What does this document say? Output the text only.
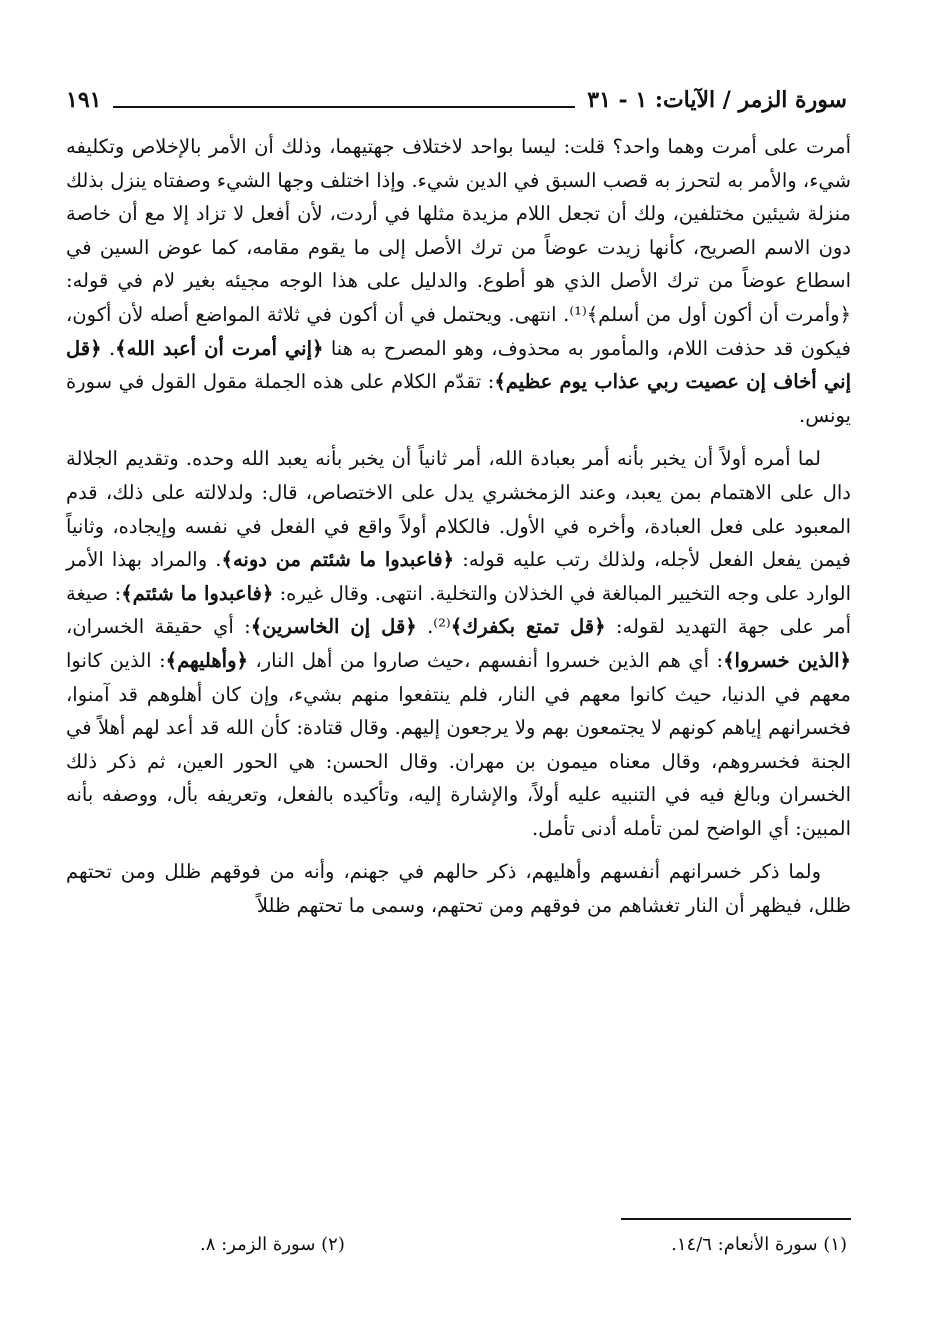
سورة الزمر / الآيات: ١ - ٣١
١٩١

أمرت على أمرت وهما واحد؟ قلت: ليسا بواحد لاختلاف جهتيهما، وذلك أن الأمر بالإخلاص وتكليفه شيء، والأمر به لتحرز به قصب السبق في الدين شيء. وإذا اختلف وجها الشيء وصفتاه ينزل بذلك منزلة شيئين مختلفين، ولك أن تجعل اللام مزيدة مثلها في أردت، لأن أفعل لا تزاد إلا مع أن خاصة دون الاسم الصريح، كأنها زيدت عوضاً من ترك الأصل إلى ما يقوم مقامه، كما عوض السين في اسطاع عوضاً من ترك الأصل الذي هو أطوع. والدليل على هذا الوجه مجيئه بغير لام في قوله: ﴿وأمرت أن أكون أول من أسلم﴾⁽¹⁾. انتهى. ويحتمل في أن أكون في ثلاثة المواضع أصله لأن أكون، فيكون قد حذفت اللام، والمأمور به محذوف، وهو المصرح به هنا ﴿إني أمرت أن أعبد الله﴾. ﴿قل إني أخاف إن عصيت ربي عذاب يوم عظيم﴾: تقدّم الكلام على هذه الجملة مقول القول في سورة يونس.

لما أمره أولاً أن يخبر بأنه أمر بعبادة الله، أمر ثانياً أن يخبر بأنه يعبد الله وحده. وتقديم الجلالة دال على الاهتمام بمن يعبد، وعند الزمخشري يدل على الاختصاص، قال: ولدلالته على ذلك، قدم المعبود على فعل العبادة، وأخره في الأول. فالكلام أولاً واقع في الفعل في نفسه وإيجاده، وثانياً فيمن يفعل الفعل لأجله، ولذلك رتب عليه قوله: ﴿فاعبدوا ما شئتم من دونه﴾. والمراد بهذا الأمر الوارد على وجه التخيير المبالغة في الخذلان والتخلية. انتهى. وقال غيره: ﴿فاعبدوا ما شئتم﴾: صيغة أمر على جهة التهديد لقوله: ﴿قل تمتع بكفرك﴾⁽²⁾. ﴿قل إن الخاسرين﴾: أي حقيقة الخسران، ﴿الذين خسروا﴾: أي هم الذين خسروا أنفسهم ،حيث صاروا من أهل النار، ﴿وأهليهم﴾: الذين كانوا معهم في الدنيا، حيث كانوا معهم في النار، فلم ينتفعوا منهم بشيء، وإن كان أهلوهم قد آمنوا، فخسرانهم إياهم كونهم لا يجتمعون بهم ولا يرجعون إليهم. وقال قتادة: كأن الله قد أعد لهم أهلاً في الجنة فخسروهم، وقال معناه ميمون بن مهران. وقال الحسن: هي الحور العين، ثم ذكر ذلك الخسران وبالغ فيه في التنبيه عليه أولاً، والإشارة إليه، وتأكيده بالفعل، وتعريفه بأل، ووصفه بأنه المبين: أي الواضح لمن تأمله أدنى تأمل.

ولما ذكر خسرانهم أنفسهم وأهليهم، ذكر حالهم في جهنم، وأنه من فوقهم ظلل ومن تحتهم ظلل، فيظهر أن النار تغشاهم من فوقهم ومن تحتهم، وسمى ما تحتهم ظللاً

(١) سورة الأنعام: ١٤/٦.
(٢) سورة الزمر: ٨.
